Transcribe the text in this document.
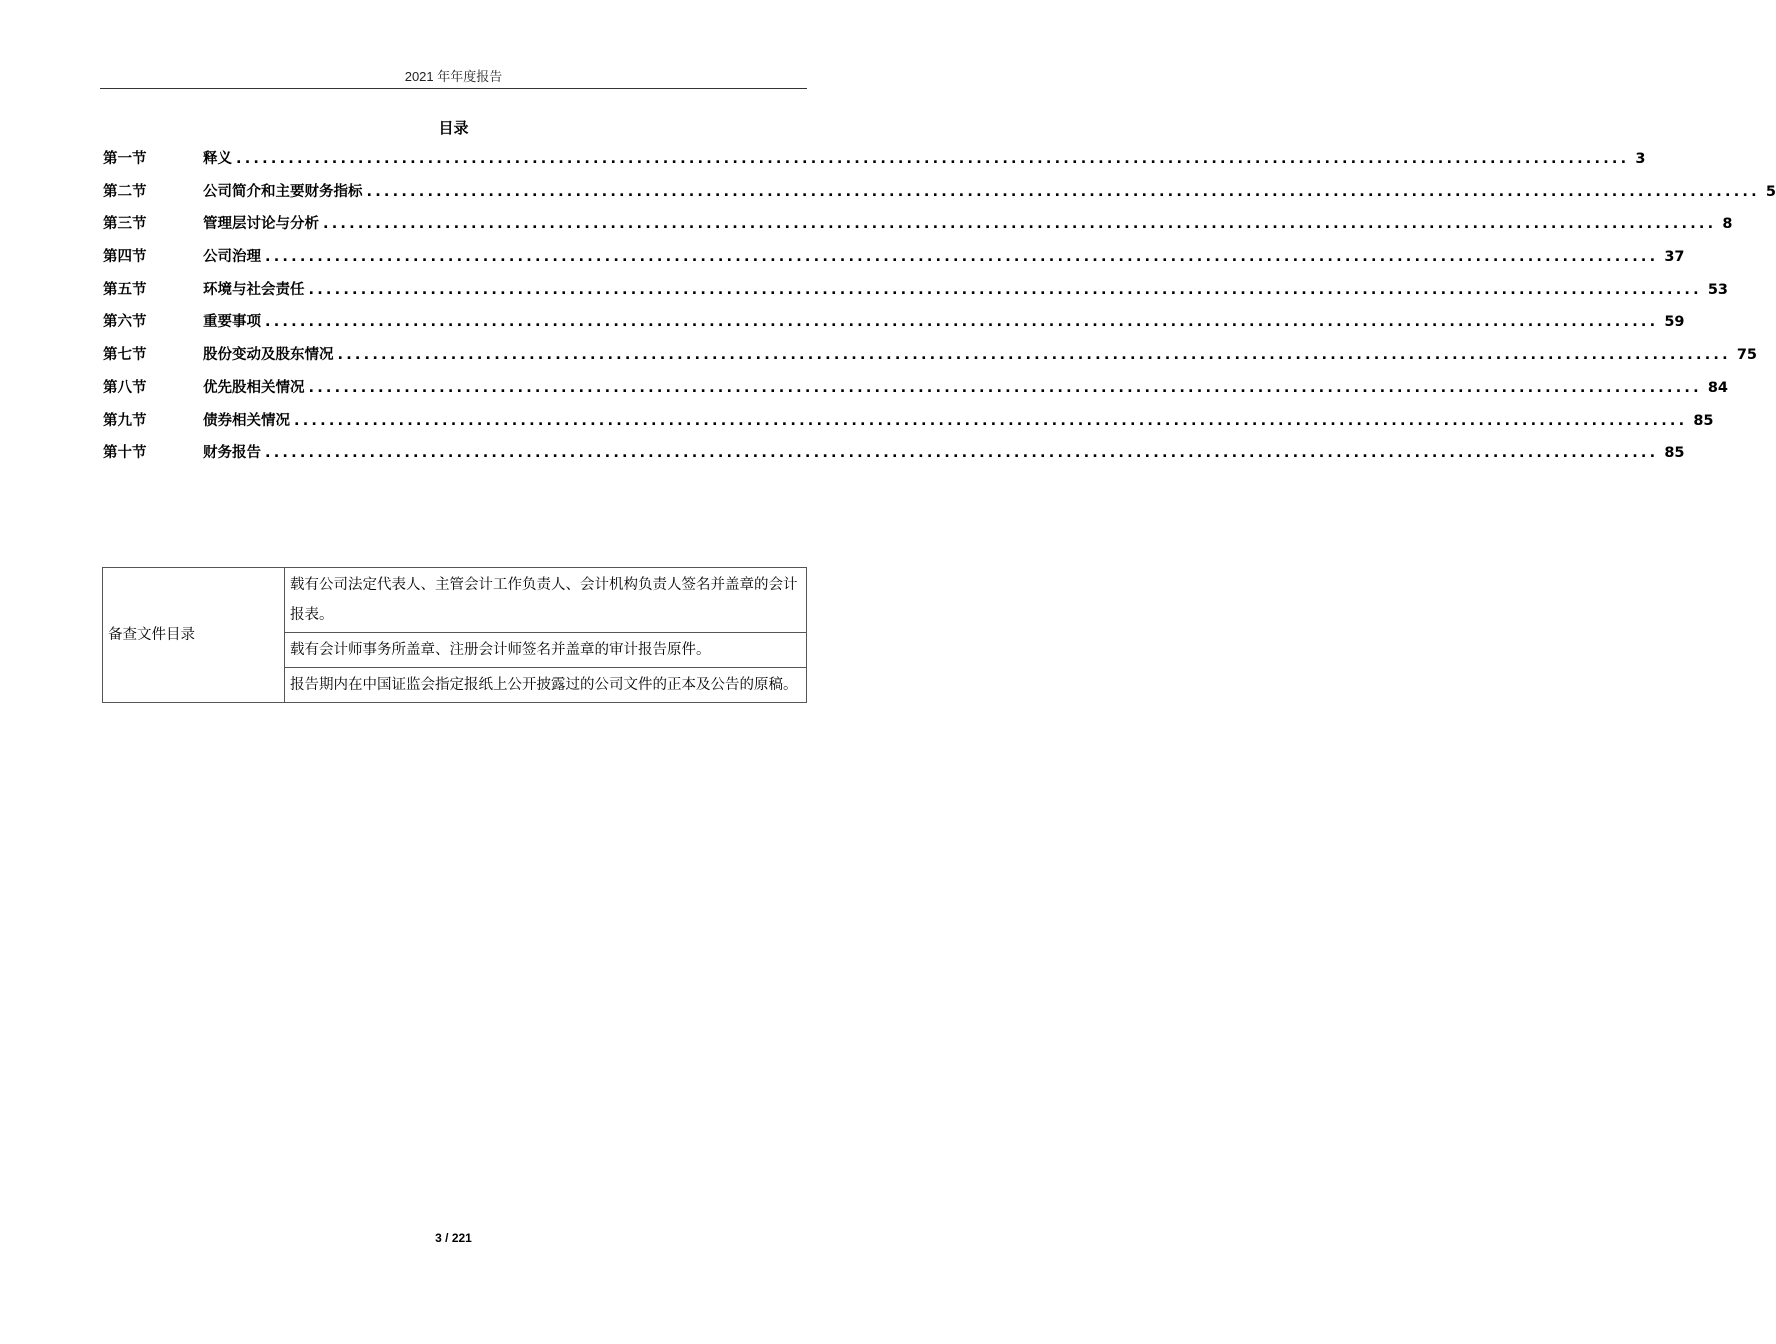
2021 年年度报告
目录
第一节	释义 ................................................................................................................................................................ 3
第二节	公司简介和主要财务指标 ................................................................................................................................................................ 5
第三节	管理层讨论与分析 ................................................................................................................................................................ 8
第四节	公司治理 ................................................................................................................................................................ 37
第五节	环境与社会责任 ................................................................................................................................................................ 53
第六节	重要事项 ................................................................................................................................................................ 59
第七节	股份变动及股东情况 ................................................................................................................................................................ 75
第八节	优先股相关情况 ................................................................................................................................................................ 84
第九节	债券相关情况 ................................................................................................................................................................ 85
第十节	财务报告 ................................................................................................................................................................ 85
备查文件目录	载有公司法定代表人、主管会计工作负责人、会计机构负责人签名并盖章的会计报表。
载有会计师事务所盖章、注册会计师签名并盖章的审计报告原件。
报告期内在中国证监会指定报纸上公开披露过的公司文件的正本及公告的原稿。
3 / 221
